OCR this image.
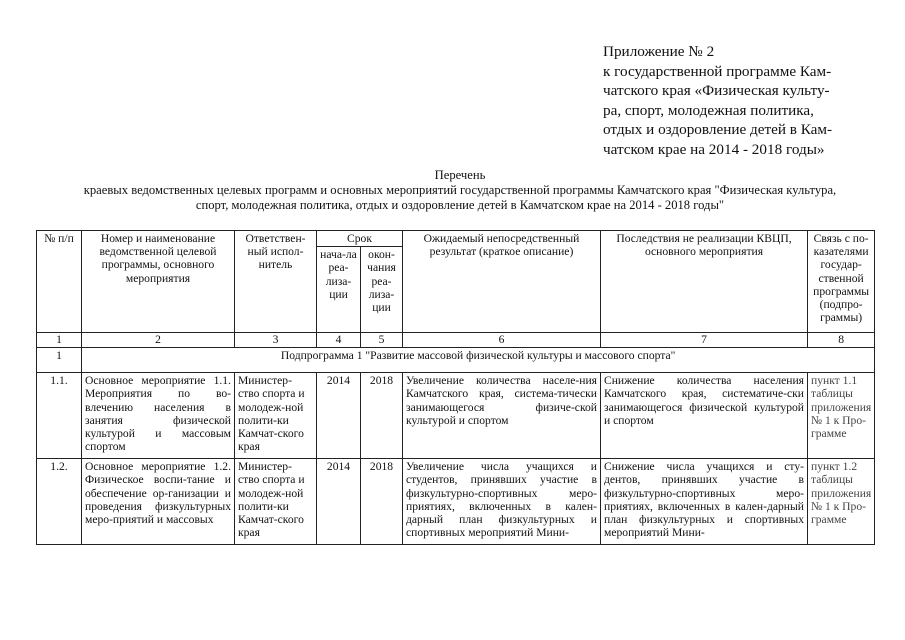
Приложение № 2
к государственной программе Кам-
чатского края «Физическая культу-
ра, спорт, молодежная политика,
отдых и оздоровление детей в Кам-
чатском крае на 2014 - 2018 годы»
Перечень
краевых ведомственных целевых программ и основных мероприятий государственной программы Камчатского края "Физическая культура,
спорт, молодежная политика, отдых и оздоровление детей в Камчатском крае на 2014 - 2018 годы"
№ п/п	Номер и наименование ведомственной целевой программы, основного мероприятия	Ответствен-ный испол-нитель	Срок		Ожидаемый непосредственный результат (краткое описание)	Последствия не реализации КВЦП, основного мероприятия	Связь с по-казателями государ-ственной программы (подпро-граммы)

			нача-ла реа-лиза-ции	окон-чания реа-лиза-ции			

1	2	3	4	5	6	7	8
1	Подпрограмма 1 "Развитие массовой физической культуры и массового спорта"						
1.1.	Основное мероприятие 1.1. Мероприятия по во-влечению населения в занятия физической культурой и массовым спортом	Министер-ство спорта и молодеж-ной полити-ки Камчат-ского края	2014	2018	Увеличение количества населе-ния Камчатского края, система-тически занимающегося физиче-ской культурой и спортом	Снижение количества населения Камчатского края, систематиче-ски занимающегося физической культурой и спортом	пункт 1.1 таблицы приложения № 1 к Про-грамме

1.2.	Основное мероприятие 1.2. Физическое воспи-тание и обеспечение ор-ганизации и проведения физкультурных меро-приятий и массовых	Министер-ство спорта и молодеж-ной полити-ки Камчат-ского края	2014	2018	Увеличение числа учащихся и студентов, принявших участие в физкультурно-спортивных меро-приятиях, включенных в кален-дарный план физкультурных и спортивных мероприятий Мини-	Снижение числа учащихся и сту-дентов, принявших участие в физкультурно-спортивных меро-приятиях, включенных в кален-дарный план физкультурных и спортивных мероприятий Мини-	пункт 1.2 таблицы приложения № 1 к Про-грамме
